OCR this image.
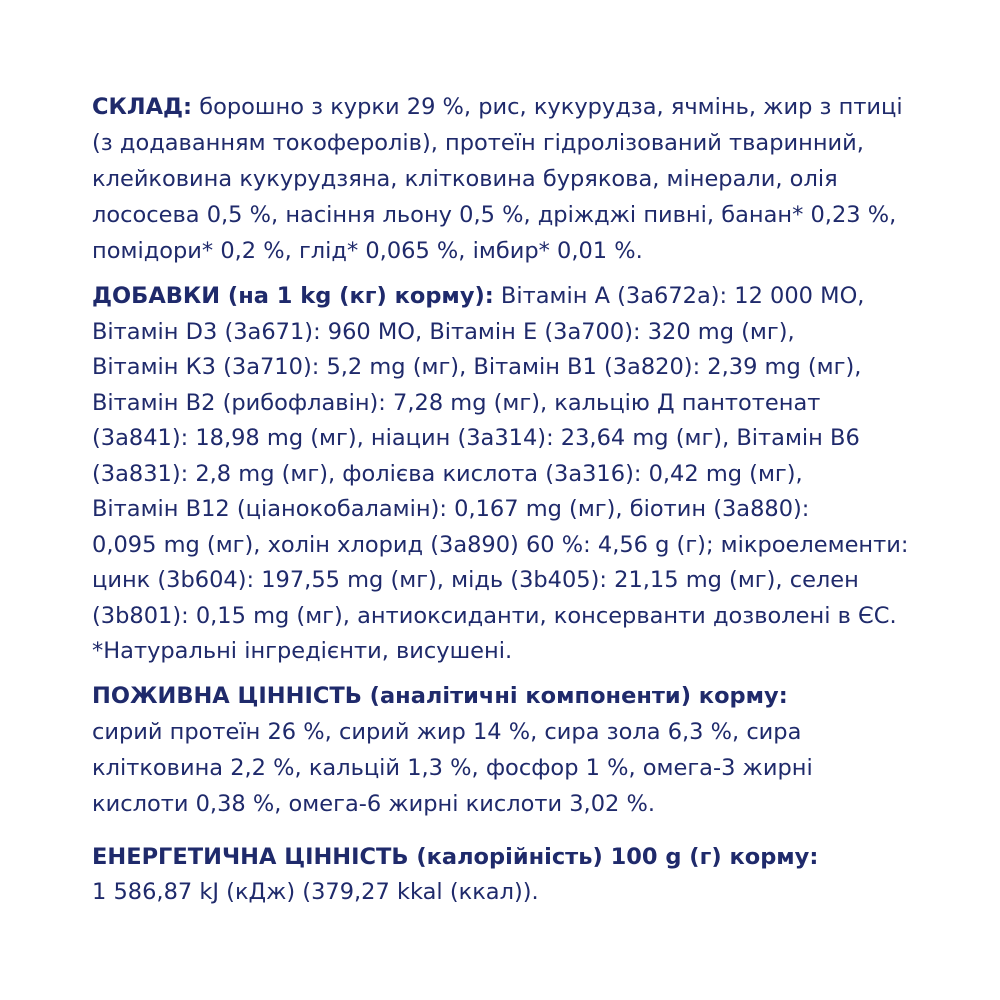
СКЛАД: борошно з курки 29 %, рис, кукурудза, ячмінь, жир з птиці
(з додаванням токоферолів), протеїн гідролізований тваринний,
клейковина кукурудзяна, клітковина бурякова, мінерали, олія
лососева 0,5 %, насіння льону 0,5 %, дріжджі пивні, банан* 0,23 %,
помідори* 0,2 %, глід* 0,065 %, імбир* 0,01 %.
ДОБАВКИ (на 1 kg (кг) корму): Вітамін А (3а672а): 12 000 МО,
Вітамін D3 (3а671): 960 МО, Вітамін Е (3а700): 320 mg (мг),
Вітамін К3 (3а710): 5,2 mg (мг), Вітамін В1 (3а820): 2,39 mg (мг),
Вітамін В2 (рибофлавін): 7,28 mg (мг), кальцію Д пантотенат
(3а841): 18,98 mg (мг), ніацин (3а314): 23,64 mg (мг), Вітамін В6
(3а831): 2,8 mg (мг), фолієва кислота (3а316): 0,42 mg (мг),
Вітамін В12 (ціанокобаламін): 0,167 mg (мг), біотин (3а880):
0,095 mg (мг), холін хлорид (3а890) 60 %: 4,56 g (г); мікроелементи:
цинк (3b604): 197,55 mg (мг), мідь (3b405): 21,15 mg (мг), селен
(3b801): 0,15 mg (мг), антиоксиданти, консерванти дозволені в ЄС.
*Натуральні інгредієнти, висушені.
ПОЖИВНА ЦІННІСТЬ (аналітичні компоненти) корму:
сирий протеїн 26 %, сирий жир 14 %, сира зола 6,3 %, сира
клітковина 2,2 %, кальцій 1,3 %, фосфор 1 %, омега-3 жирні
кислоти 0,38 %, омега-6 жирні кислоти 3,02 %.
ЕНЕРГЕТИЧНА ЦІННІСТЬ (калорійність) 100 g (г) корму:
1 586,87 kJ (кДж) (379,27 kkal (ккал)).
